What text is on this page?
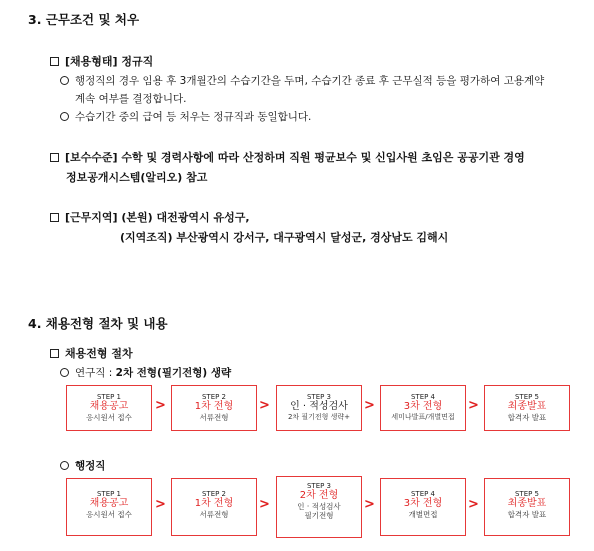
3. 근무조건 및 처우
[채용형태] 정규직
행정직의 경우 임용 후 3개월간의 수습기간을 두며, 수습기간 종료 후 근무실적 등을 평가하여 고용계약
계속 여부를 결정합니다.
수습기간 중의 급여 등 처우는 정규직과 동일합니다.
[보수수준] 수학 및 경력사항에 따라 산정하며 직원 평균보수 및 신입사원 초임은 공공기관 경영
정보공개시스템(알리오) 참고
[근무지역] (본원) 대전광역시 유성구,
(지역조직) 부산광역시 강서구, 대구광역시 달성군, 경상남도 김해시
4. 채용전형 절차 및 내용
채용전형 절차
연구직 : 2차 전형(필기전형) 생략
STEP 1
채용공고
응시원서 접수
>
STEP 2
1차 전형
서류전형
>
STEP 3
인 · 적성검사
2차 필기전형 생략+
>
STEP 4
3차 전형
세미나발표/개별면접
>
STEP 5
최종발표
합격자 발표
행정직
STEP 1
채용공고
응시원서 접수
>
STEP 2
1차 전형
서류전형
>
STEP 3
2차 전형
인 · 적성검사
필기전형
>
STEP 4
3차 전형
개별면접
>
STEP 5
최종발표
합격자 발표
